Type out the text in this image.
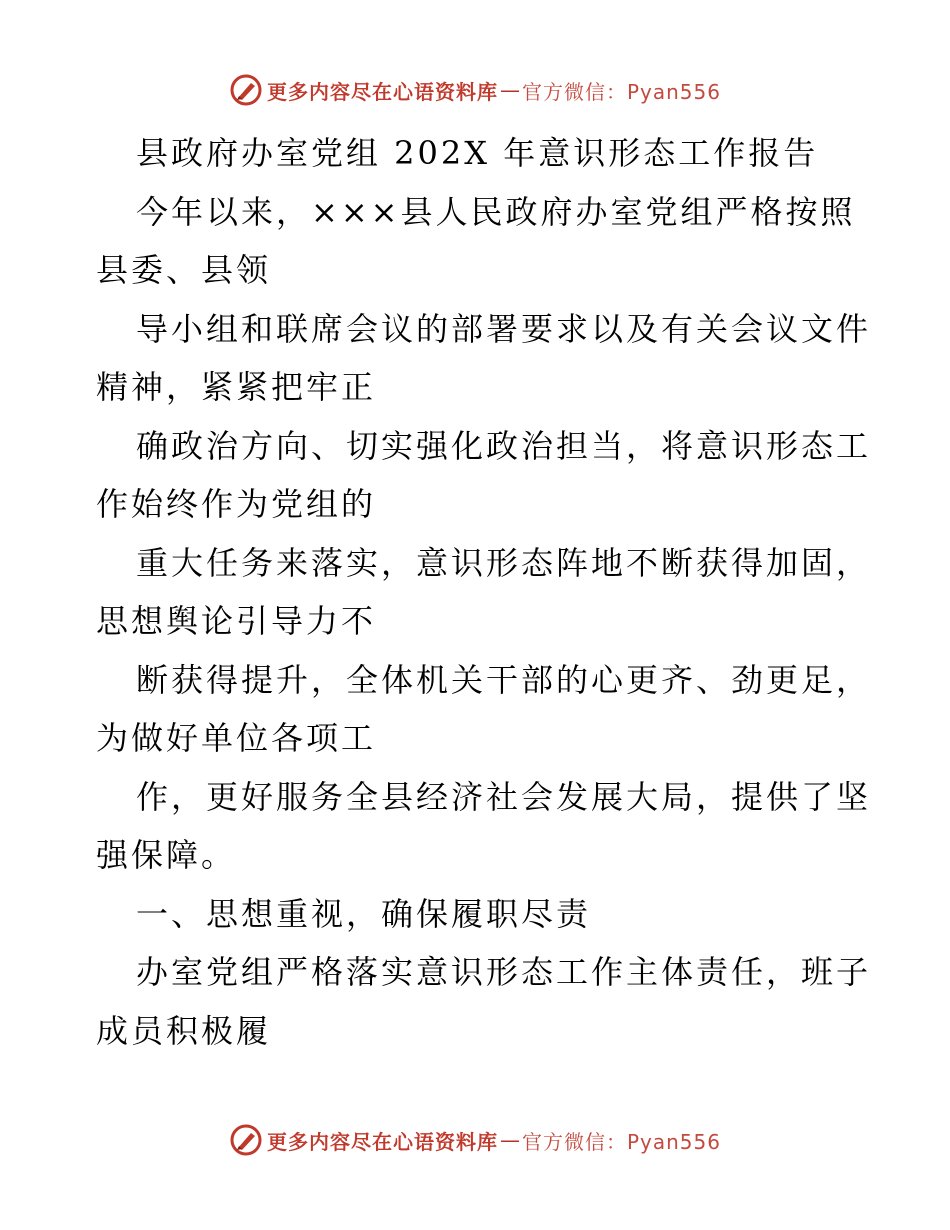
更多内容尽在心语资料库 — 官方微信：Pyan556

县政府办室党组 202X 年意识形态工作报告

今年以来，×××县人民政府办室党组严格按照

县委、县领

导小组和联席会议的部署要求以及有关会议文件

精神，紧紧把牢正

确政治方向、切实强化政治担当，将意识形态工

作始终作为党组的

重大任务来落实，意识形态阵地不断获得加固，

思想舆论引导力不

断获得提升，全体机关干部的心更齐、劲更足，

为做好单位各项工

作，更好服务全县经济社会发展大局，提供了坚

强保障。

一、思想重视，确保履职尽责

办室党组严格落实意识形态工作主体责任，班子

成员积极履

更多内容尽在心语资料库 — 官方微信：Pyan556
